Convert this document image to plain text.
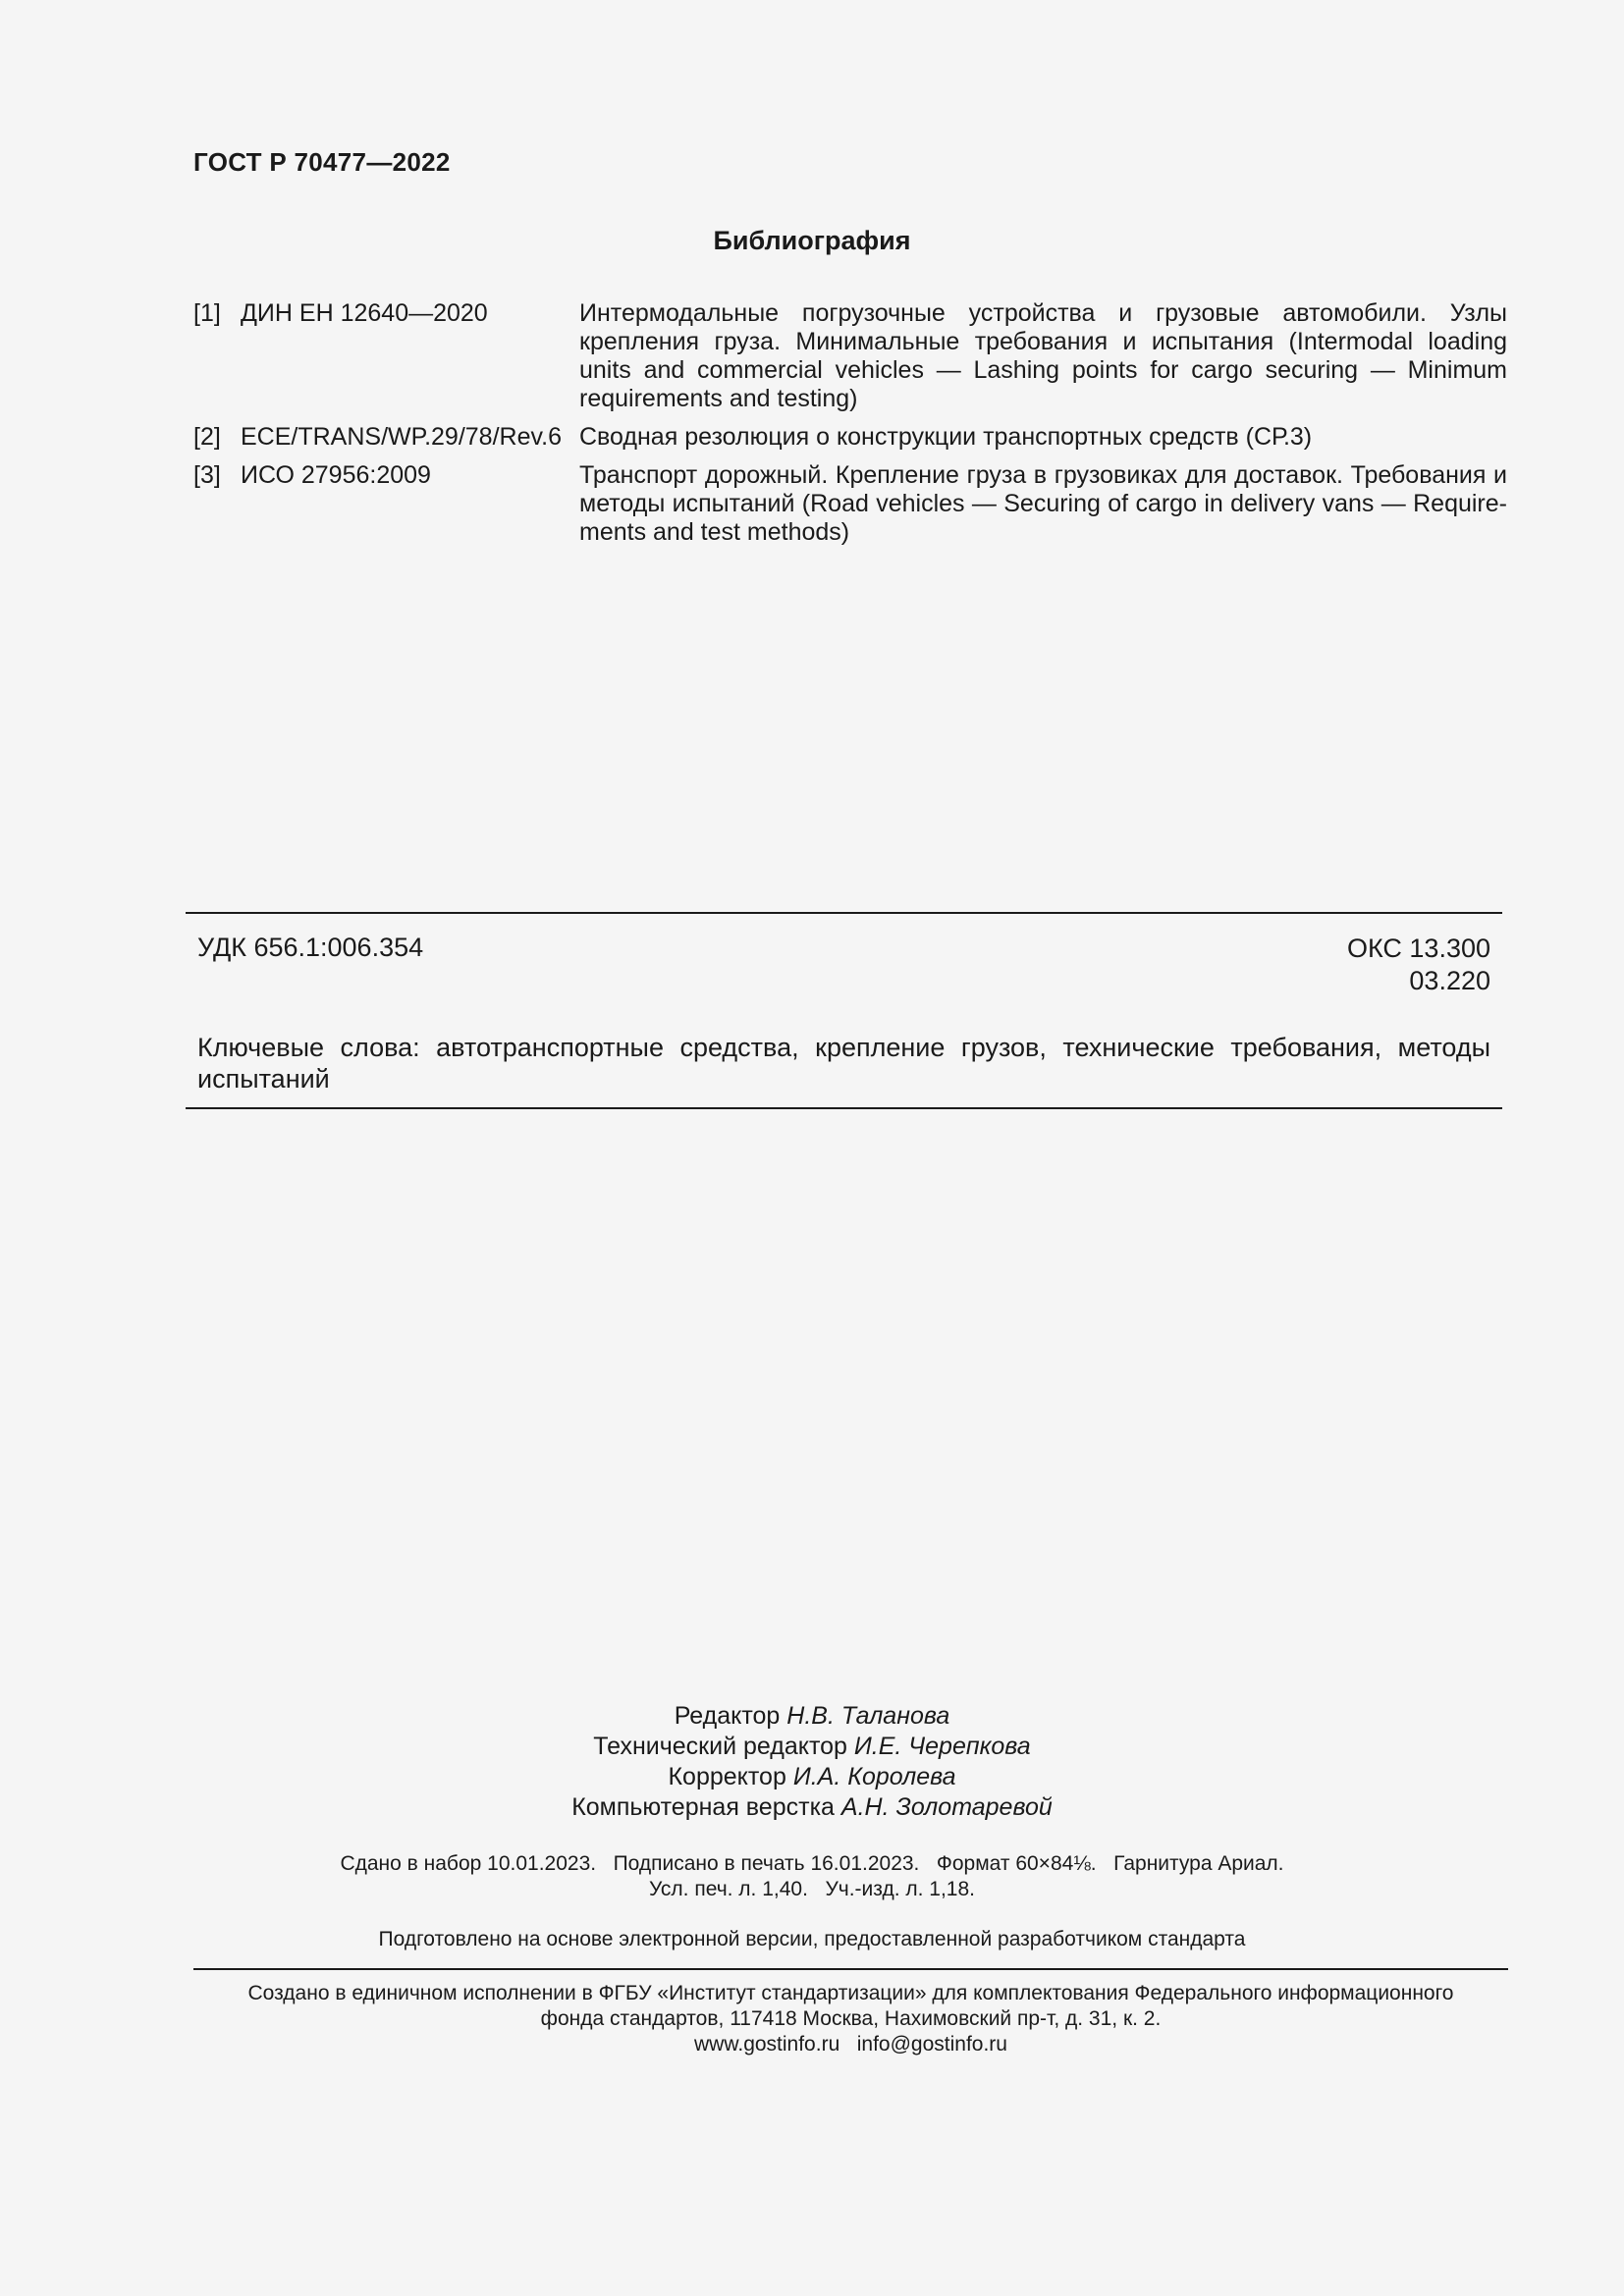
ГОСТ Р 70477—2022
Библиография
[1] ДИН ЕН 12640—2020	Интермодальные погрузочные устройства и грузовые автомобили. Узлы крепления груза. Минимальные требования и испытания (Intermodal loading units and commercial vehicles — Lashing points for cargo securing — Minimum requirements and testing)
[2] ECE/TRANS/WP.29/78/Rev.6 Сводная резолюция о конструкции транспортных средств (СР.3)
[3] ИСО 27956:2009	Транспорт дорожный. Крепление груза в грузовиках для доставок. Требования и методы испытаний (Road vehicles — Securing of cargo in delivery vans — Requirements and test methods)
УДК 656.1:006.354	ОКС 13.300
03.220
Ключевые слова: автотранспортные средства, крепление грузов, технические требования, методы испытаний
Редактор Н.В. Таланова
Технический редактор И.Е. Черепкова
Корректор И.А. Королева
Компьютерная верстка А.Н. Золотаревой
Сдано в набор 10.01.2023.   Подписано в печать 16.01.2023.   Формат 60×84⅛.   Гарнитура Ариал.
Усл. печ. л. 1,40.   Уч.-изд. л. 1,18.
Подготовлено на основе электронной версии, предоставленной разработчиком стандарта
Создано в единичном исполнении в ФГБУ «Институт стандартизации» для комплектования Федерального информационного
фонда стандартов, 117418 Москва, Нахимовский пр-т, д. 31, к. 2.
www.gostinfo.ru   info@gostinfo.ru
